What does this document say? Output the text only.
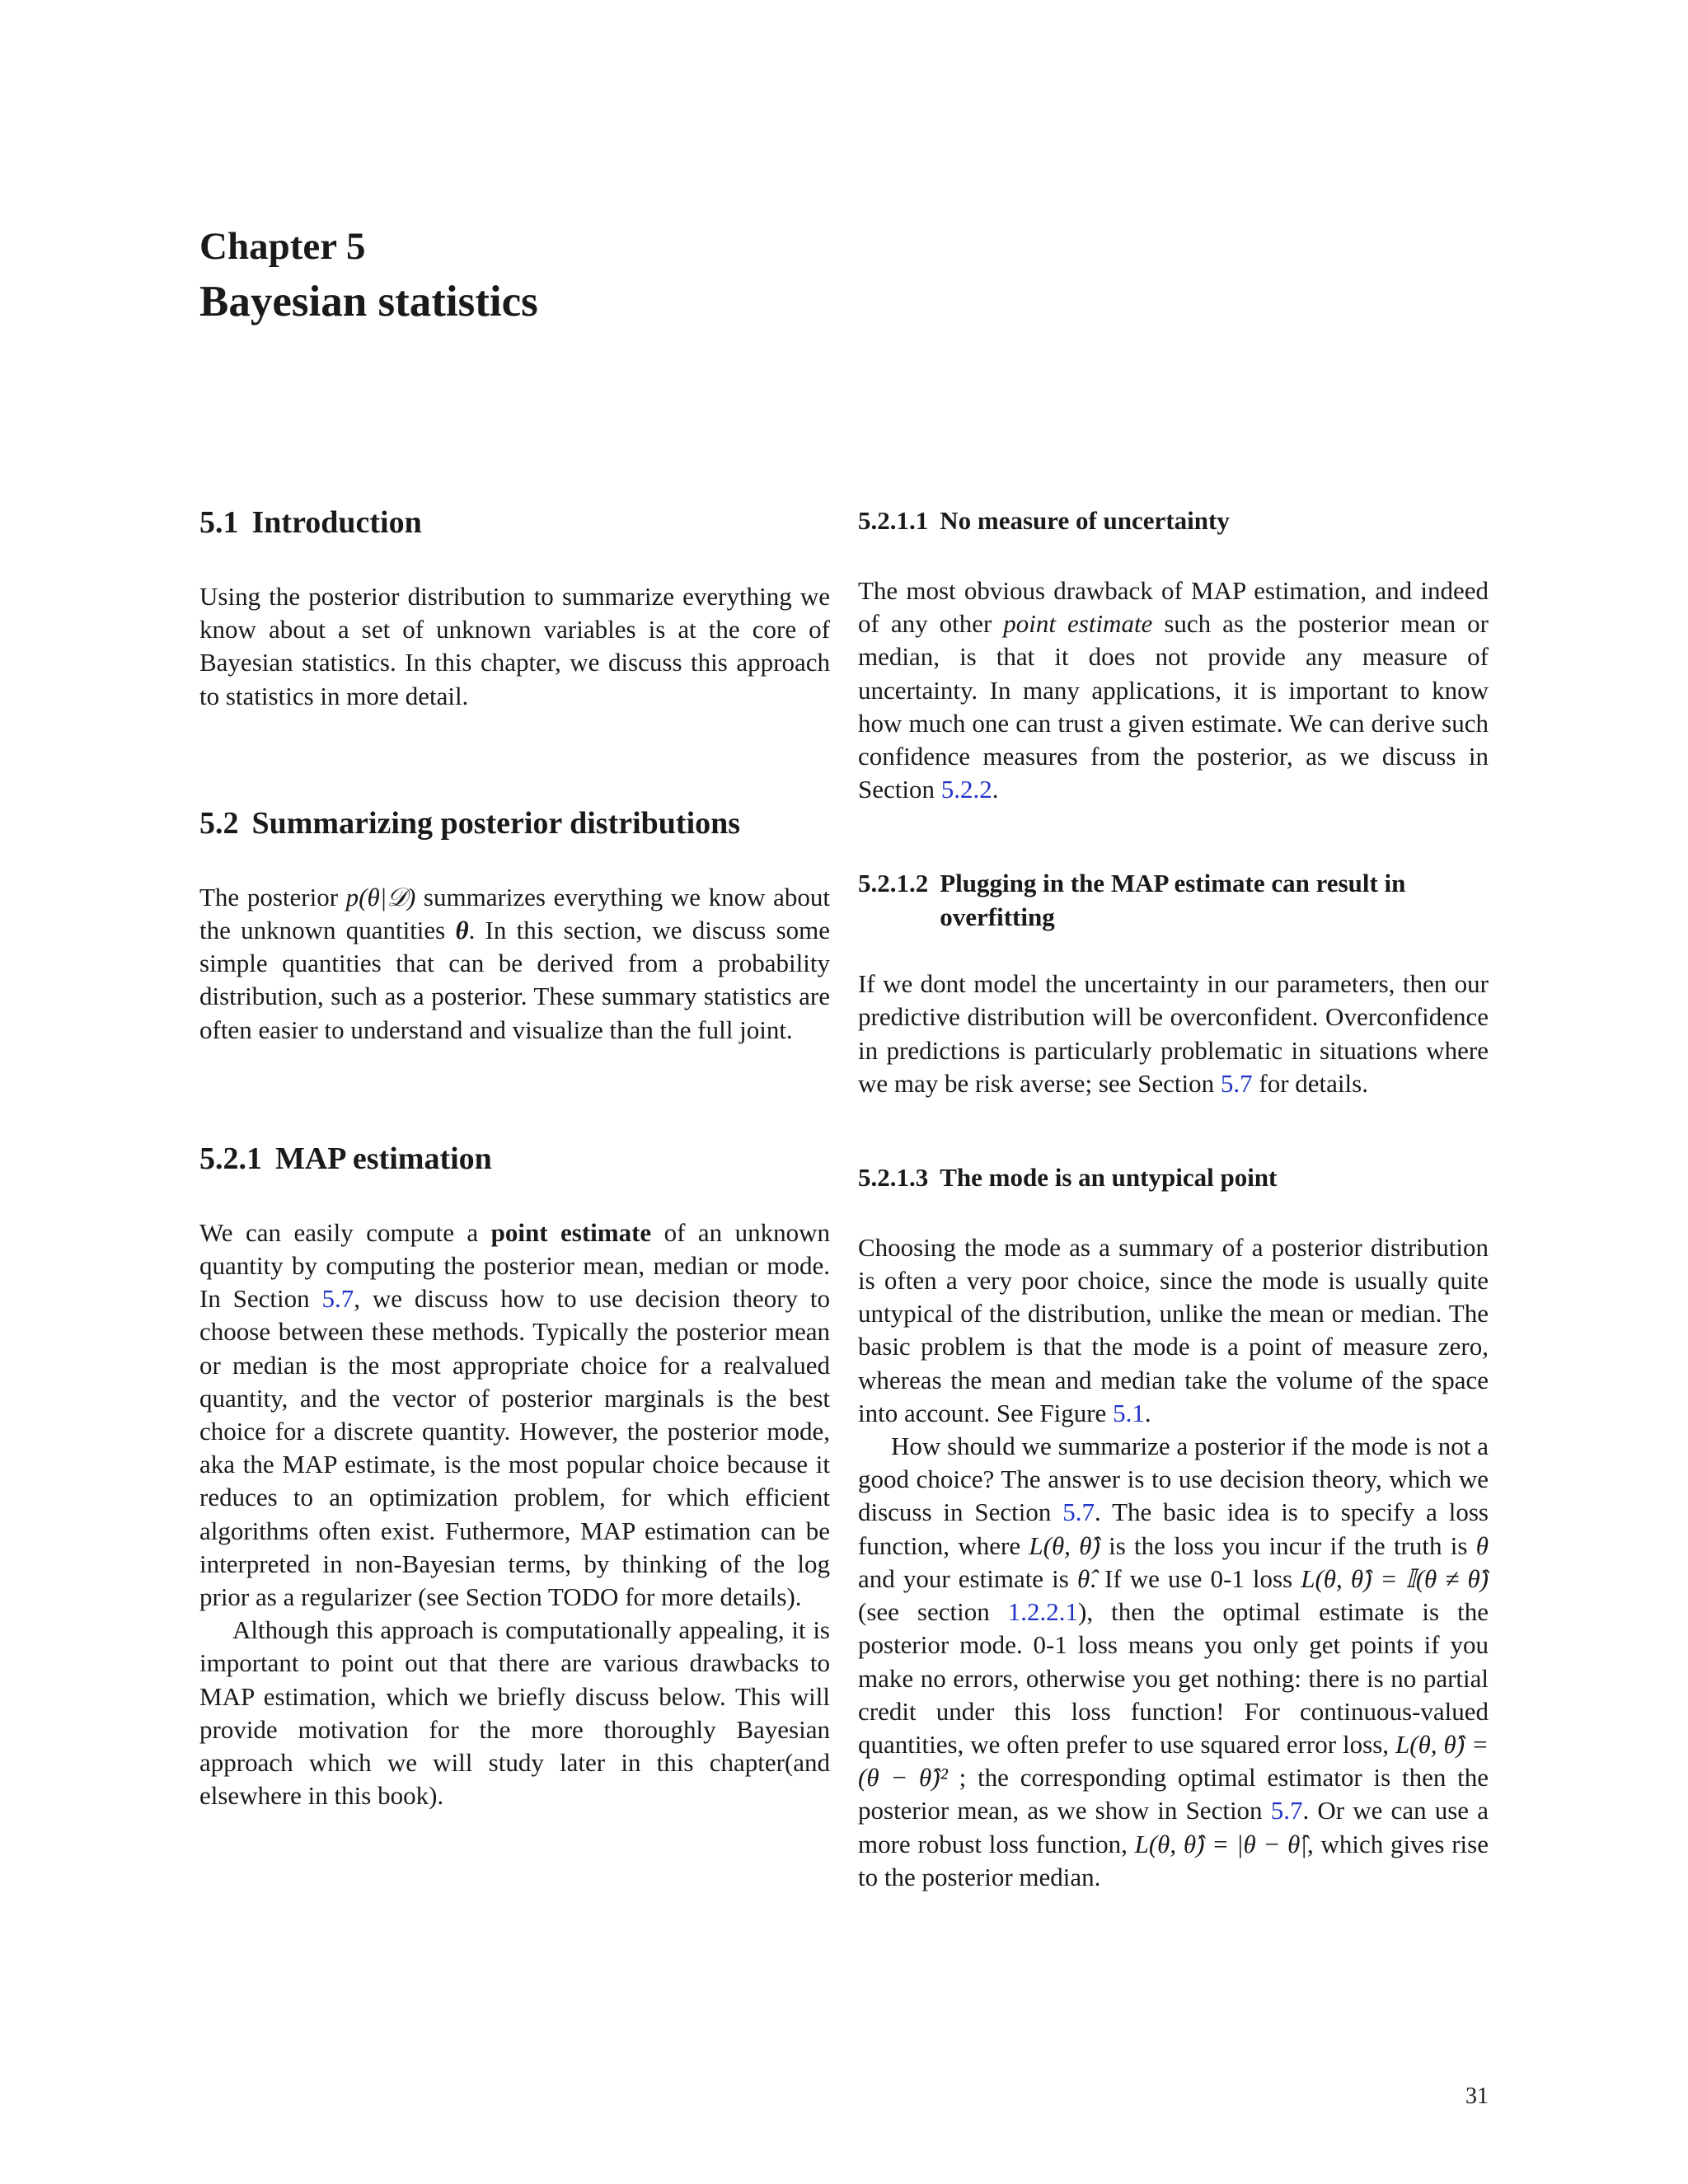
Chapter 5
Bayesian statistics
5.1 Introduction

Using the posterior distribution to summarize everything we know about a set of unknown variables is at the core of Bayesian statistics. In this chapter, we discuss this approach to statistics in more detail.

5.2 Summarizing posterior distributions

The posterior p(θ|𝒟) summarizes everything we know about the unknown quantities θ. In this section, we discuss some simple quantities that can be derived from a probability distribution, such as a posterior. These summary statistics are often easier to understand and visualize than the full joint.

5.2.1 MAP estimation

We can easily compute a point estimate of an unknown quantity by computing the posterior mean, median or mode. In Section 5.7, we discuss how to use decision theory to choose between these methods. Typically the posterior mean or median is the most appropriate choice for a realvalued quantity, and the vector of posterior marginals is the best choice for a discrete quantity. However, the posterior mode, aka the MAP estimate, is the most popular choice because it reduces to an optimization problem, for which efficient algorithms often exist. Futhermore, MAP estimation can be interpreted in non-Bayesian terms, by thinking of the log prior as a regularizer (see Section TODO for more details).

Although this approach is computationally appealing, it is important to point out that there are various drawbacks to MAP estimation, which we briefly discuss below. This will provide motivation for the more thoroughly Bayesian approach which we will study later in this chapter(and elsewhere in this book).

5.2.1.1 No measure of uncertainty

The most obvious drawback of MAP estimation, and indeed of any other point estimate such as the posterior mean or median, is that it does not provide any measure of uncertainty. In many applications, it is important to know how much one can trust a given estimate. We can derive such confidence measures from the posterior, as we discuss in Section 5.2.2.

5.2.1.2 Plugging in the MAP estimate can result in overfitting

If we dont model the uncertainty in our parameters, then our predictive distribution will be overconfident. Overconfidence in predictions is particularly problematic in situations where we may be risk averse; see Section 5.7 for details.

5.2.1.3 The mode is an untypical point

Choosing the mode as a summary of a posterior distribution is often a very poor choice, since the mode is usually quite untypical of the distribution, unlike the mean or median. The basic problem is that the mode is a point of measure zero, whereas the mean and median take the volume of the space into account. See Figure 5.1.

How should we summarize a posterior if the mode is not a good choice? The answer is to use decision theory, which we discuss in Section 5.7. The basic idea is to specify a loss function, where L(θ, θ̂) is the loss you incur if the truth is θ and your estimate is θ̂. If we use 0-1 loss L(θ, θ̂) = 𝕀(θ ≠ θ̂)(see section 1.2.2.1), then the optimal estimate is the posterior mode. 0-1 loss means you only get points if you make no errors, otherwise you get nothing: there is no partial credit under this loss function! For continuous-valued quantities, we often prefer to use squared error loss, L(θ, θ̂) = (θ − θ̂)² ; the corresponding optimal estimator is then the posterior mean, as we show in Section 5.7. Or we can use a more robust loss function, L(θ, θ̂) = |θ − θ̂|, which gives rise to the posterior median.

31
